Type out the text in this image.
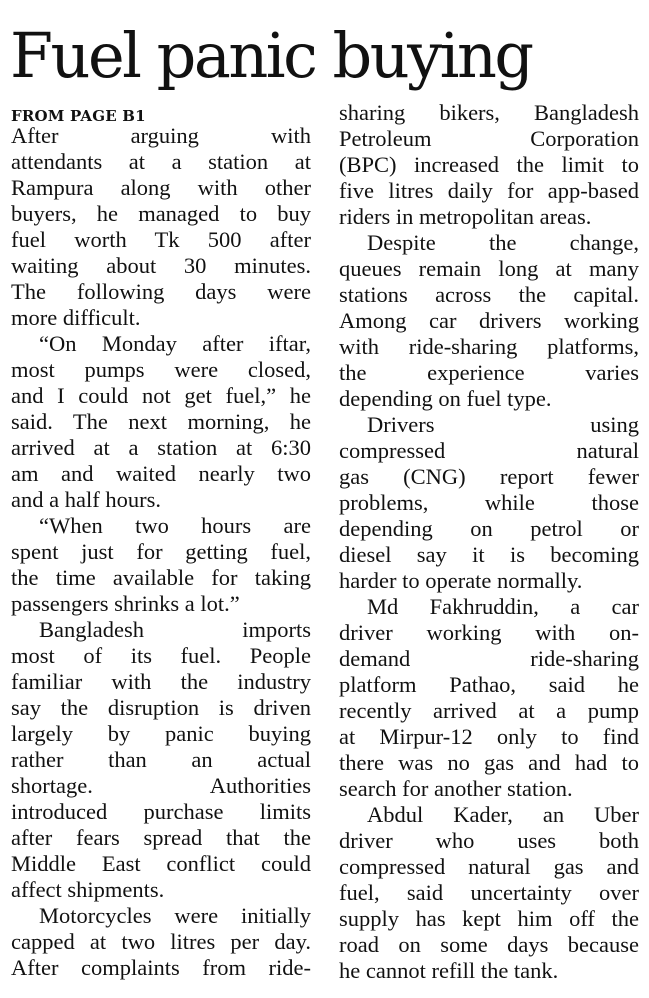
Fuel panic buying
FROM PAGE B1
After arguing with
attendants at a station at
Rampura along with other
buyers, he managed to buy
fuel worth Tk 500 after
waiting about 30 minutes.
The following days were
more difficult.
“On Monday after iftar,
most pumps were closed,
and I could not get fuel,” he
said. The next morning, he
arrived at a station at 6:30
am and waited nearly two
and a half hours.
“When two hours are
spent just for getting fuel,
the time available for taking
passengers shrinks a lot.”
Bangladesh imports
most of its fuel. People
familiar with the industry
say the disruption is driven
largely by panic buying
rather than an actual
shortage. Authorities
introduced purchase limits
after fears spread that the
Middle East conflict could
affect shipments.
Motorcycles were initially
capped at two litres per day.
After complaints from ride-
sharing bikers, Bangladesh
Petroleum Corporation
(BPC) increased the limit to
five litres daily for app-based
riders in metropolitan areas.
Despite the change,
queues remain long at many
stations across the capital.
Among car drivers working
with ride-sharing platforms,
the experience varies
depending on fuel type.
Drivers using
compressed natural
gas (CNG) report fewer
problems, while those
depending on petrol or
diesel say it is becoming
harder to operate normally.
Md Fakhruddin, a car
driver working with on-
demand ride-sharing
platform Pathao, said he
recently arrived at a pump
at Mirpur-12 only to find
there was no gas and had to
search for another station.
Abdul Kader, an Uber
driver who uses both
compressed natural gas and
fuel, said uncertainty over
supply has kept him off the
road on some days because
he cannot refill the tank.
